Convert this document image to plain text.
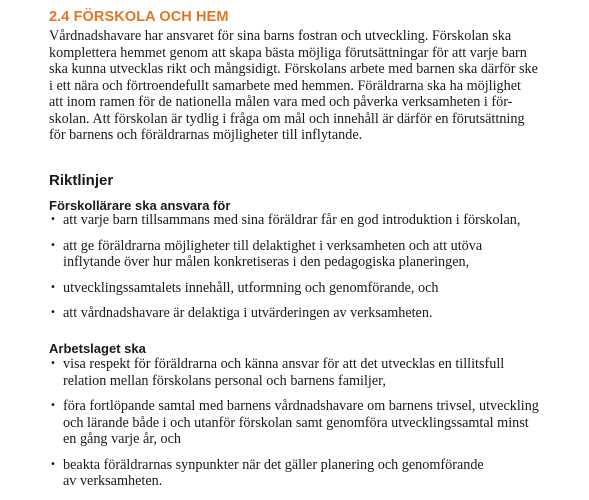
2.4 FÖRSKOLA OCH HEM

Vårdnadshavare har ansvaret för sina barns fostran och utveckling. Förskolan ska
komplettera hemmet genom att skapa bästa möjliga förutsättningar för att varje barn
ska kunna utvecklas rikt och mångsidigt. Förskolans arbete med barnen ska därför ske
i ett nära och förtroendefullt samarbete med hemmen. Föräldrarna ska ha möjlighet
att inom ramen för de nationella målen vara med och påverka verksamheten i för-
skolan. Att förskolan är tydlig i fråga om mål och innehåll är därför en förutsättning
för barnens och föräldrarnas möjligheter till inflytande.

Riktlinjer
Förskollärare ska ansvara för
• att varje barn tillsammans med sina föräldrar får en god introduktion i förskolan,
• att ge föräldrarna möjligheter till delaktighet i verksamheten och att utöva
inflytande över hur målen konkretiseras i den pedagogiska planeringen,
• utvecklingssamtalets innehåll, utformning och genomförande, och
• att vårdnadshavare är delaktiga i utvärderingen av verksamheten.
Arbetslaget ska
• visa respekt för föräldrarna och känna ansvar för att det utvecklas en tillitsfull
relation mellan förskolans personal och barnens familjer,
• föra fortlöpande samtal med barnens vårdnadshavare om barnens trivsel, utveckling
och lärande både i och utanför förskolan samt genomföra utvecklingssamtal minst
en gång varje år, och
• beakta föräldrarnas synpunkter när det gäller planering och genomförande
av verksamheten.
